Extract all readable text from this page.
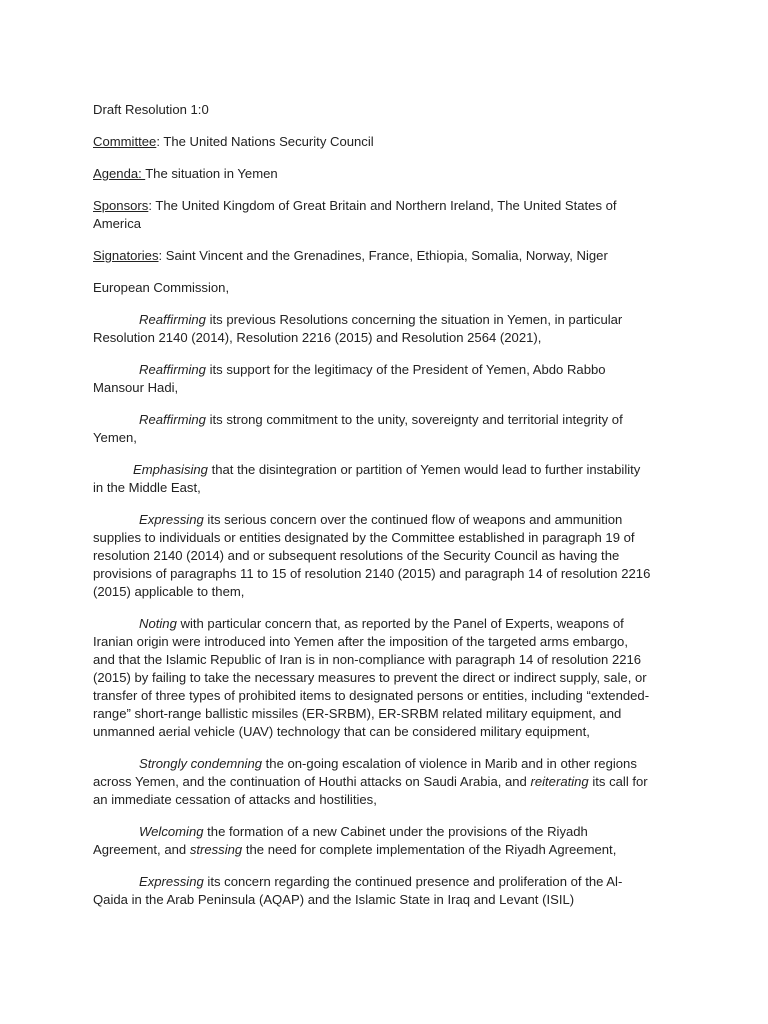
Draft Resolution 1:0
Committee: The United Nations Security Council
Agenda: The situation in Yemen
Sponsors: The United Kingdom of Great Britain and Northern Ireland, The United States of America
Signatories: Saint Vincent and the Grenadines, France, Ethiopia, Somalia, Norway, Niger
European Commission,

Reaffirming its previous Resolutions concerning the situation in Yemen, in particular Resolution 2140 (2014), Resolution 2216 (2015) and Resolution 2564 (2021),

Reaffirming its support for the legitimacy of the President of Yemen, Abdo Rabbo Mansour Hadi,

Reaffirming its strong commitment to the unity, sovereignty and territorial integrity of Yemen,

Emphasising that the disintegration or partition of Yemen would lead to further instability in the Middle East,

Expressing its serious concern over the continued flow of weapons and ammunition supplies to individuals or entities designated by the Committee established in paragraph 19 of resolution 2140 (2014) and or subsequent resolutions of the Security Council as having the provisions of paragraphs 11 to 15 of resolution 2140 (2015) and paragraph 14 of resolution 2216 (2015) applicable to them,

Noting with particular concern that, as reported by the Panel of Experts, weapons of Iranian origin were introduced into Yemen after the imposition of the targeted arms embargo, and that the Islamic Republic of Iran is in non-compliance with paragraph 14 of resolution 2216 (2015) by failing to take the necessary measures to prevent the direct or indirect supply, sale, or transfer of three types of prohibited items to designated persons or entities, including “extended-range” short-range ballistic missiles (ER-SRBM), ER-SRBM related military equipment, and unmanned aerial vehicle (UAV) technology that can be considered military equipment,

Strongly condemning the on-going escalation of violence in Marib and in other regions across Yemen, and the continuation of Houthi attacks on Saudi Arabia, and reiterating its call for an immediate cessation of attacks and hostilities,

Welcoming the formation of a new Cabinet under the provisions of the Riyadh Agreement, and stressing the need for complete implementation of the Riyadh Agreement,

Expressing its concern regarding the continued presence and proliferation of the Al-Qaida in the Arab Peninsula (AQAP) and the Islamic State in Iraq and Levant (ISIL)
